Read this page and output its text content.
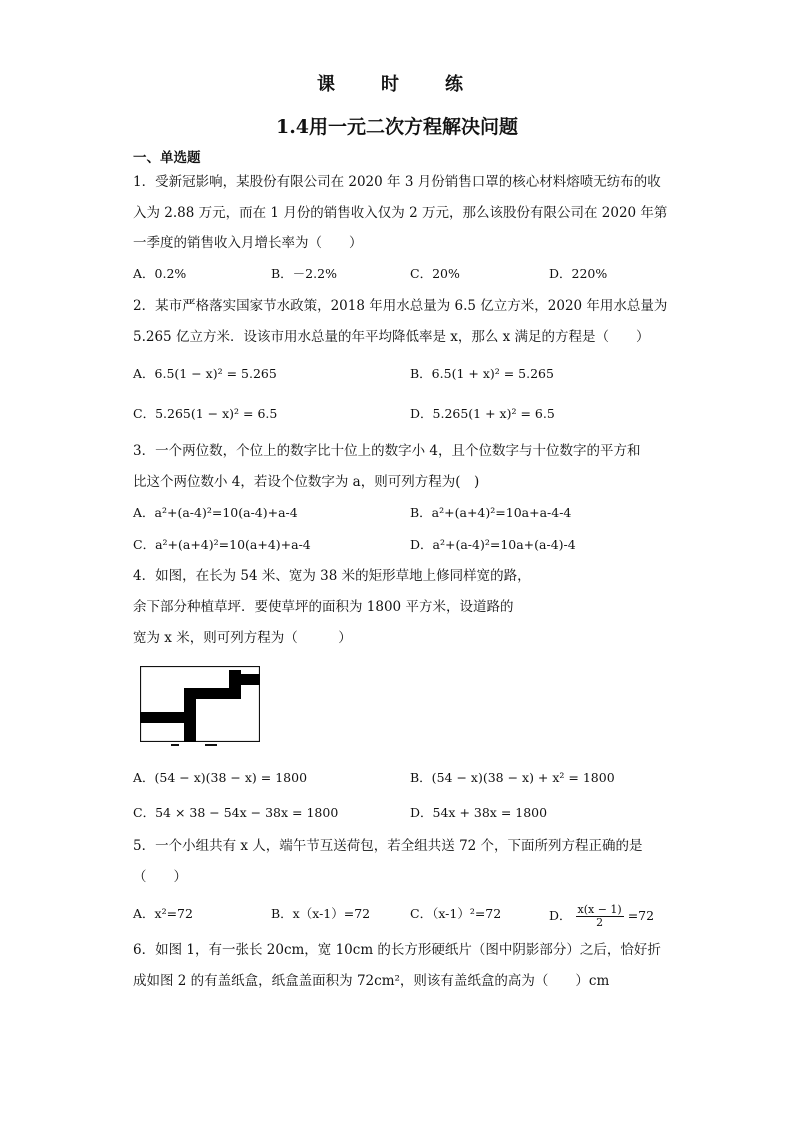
课　时　练
1.4用一元二次方程解决问题
一、单选题
1．受新冠影响，某股份有限公司在 2020 年 3 月份销售口罩的核心材料熔喷无纺布的收
入为 2.88 万元，而在 1 月份的销售收入仅为 2 万元，那么该股份有限公司在 2020 年第
一季度的销售收入月增长率为（　　）
A．0.2%	B．－2.2%	C．20%	D．220%
2．某市严格落实国家节水政策，2018 年用水总量为 6.5 亿立方米，2020 年用水总量为
5.265 亿立方米．设该市用水总量的年平均降低率是 x，那么 x 满足的方程是（　　）
A．6.5(1 − x)² = 5.265	B．6.5(1 + x)² = 5.265
C．5.265(1 − x)² = 6.5	D．5.265(1 + x)² = 6.5
3．一个两位数，个位上的数字比十位上的数字小 4，且个位数字与十位数字的平方和
比这个两位数小 4，若设个位数字为 a，则可列方程为(　)
A．a²+(a-4)²=10(a-4)+a-4	B．a²+(a+4)²=10a+a-4-4
C．a²+(a+4)²=10(a+4)+a-4	D．a²+(a-4)²=10a+(a-4)-4
4．如图，在长为 54 米、宽为 38 米的矩形草地上修同样宽的路，
余下部分种植草坪．要使草坪的面积为 1800 平方米，设道路的
宽为 x 米，则可列方程为（　　　）
A．(54 − x)(38 − x) = 1800	B．(54 − x)(38 − x) + x² = 1800
C．54 × 38 − 54x − 38x = 1800	D．54x + 38x = 1800
5．一个小组共有 x 人，端午节互送荷包，若全组共送 72 个，下面所列方程正确的是
（　　）
A．x²=72	B．x（x-1）=72	C．（x-1）²=72	D． $\frac{x(x - 1)}{2} =72$
6．如图 1，有一张长 20cm，宽 10cm 的长方形硬纸片（图中阴影部分）之后，恰好折
成如图 2 的有盖纸盒，纸盒盖面积为 72cm²，则该有盖纸盒的高为（　　）cm
